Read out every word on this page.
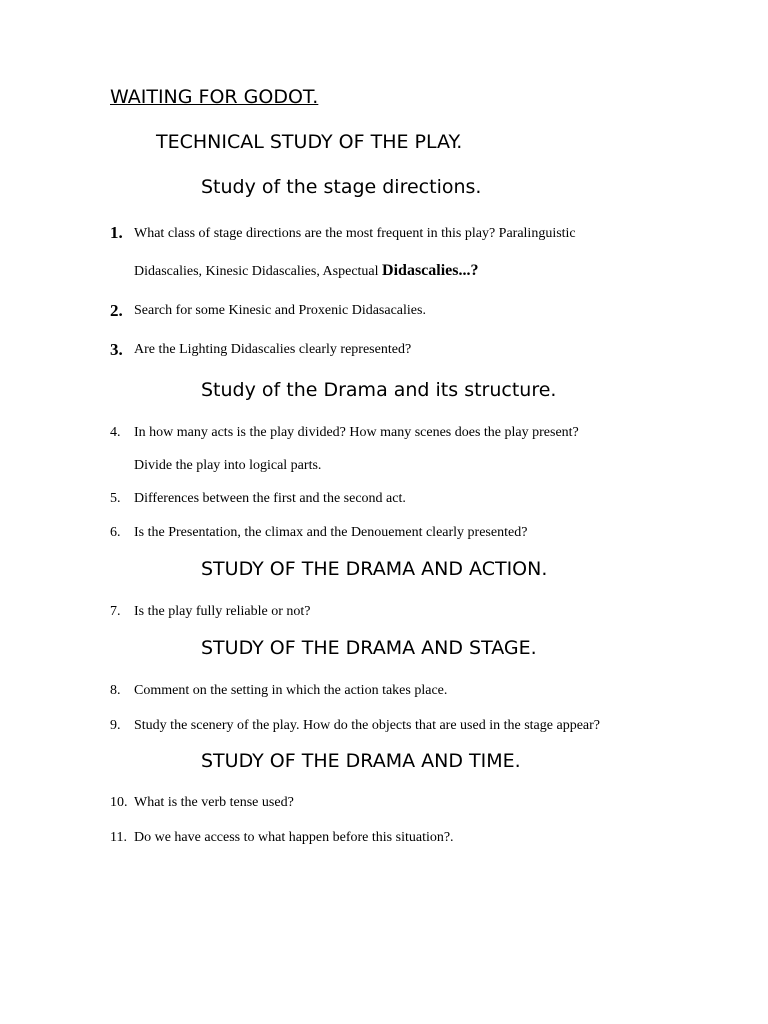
WAITING FOR GODOT.
TECHNICAL STUDY OF THE PLAY.
Study of the stage directions.
1. What class of stage directions are the most frequent in this play? Paralinguistic
Didascalies, Kinesic Didascalies, Aspectual Didascalies...?
2. Search for some Kinesic and Proxenic Didasacalies.
3. Are the Lighting Didascalies clearly represented?
Study of the Drama and its structure.
4. In how many acts is the play divided? How many scenes does the play present?
Divide the play into logical parts.
5. Differences between the first and the second act.
6. Is the Presentation, the climax and the Denouement clearly presented?
STUDY OF THE DRAMA AND ACTION.
7. Is the play fully reliable or not?
STUDY OF THE DRAMA AND STAGE.
8. Comment on the setting in which the action takes place.
9. Study the scenery of the play. How do the objects that are used in the stage appear?
STUDY OF THE DRAMA AND TIME.
10. What is the verb tense used?
11. Do we have access to what happen before this situation?.
